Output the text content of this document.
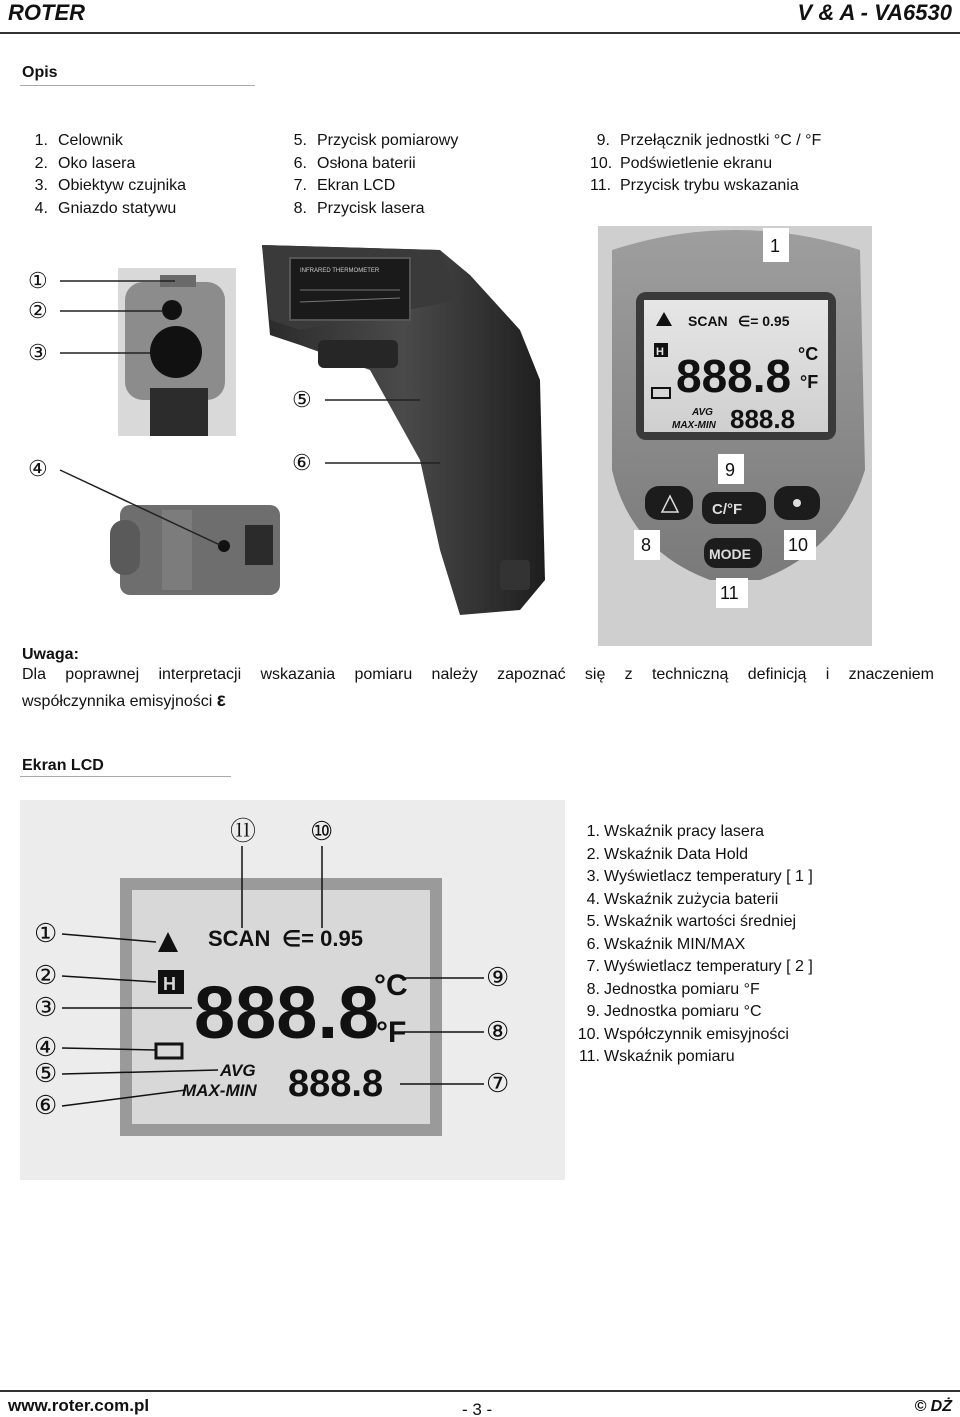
ROTER	V & A - VA6530
Opis
1. Celownik
2. Oko lasera
3. Obiektyw czujnika
4. Gniazdo statywu
5. Przycisk pomiarowy
6. Osłona baterii
7. Ekran LCD
8. Przycisk lasera
9. Przełącznik jednostki °C / °F
10. Podświetlenie ekranu
11. Przycisk trybu wskazania
INFRARED THERMOMETER
①
②
③
④
⑤
⑥
SCAN ∈= 0.95
H 888.8 °C
°F
AVG
MAX-MIN 888.8
C/°F
MODE
1
9
8	10
11
Uwaga:
Dla poprawnej interpretacji wskazania pomiaru należy zapoznać się z techniczną definicją i znaczeniem
współczynnika emisyjności ε
Ekran LCD
SCAN ∈= 0.95
H 888.8
°C
°F
AVG
MAX-MIN 888.8
⑪ ⑩
①
②
③
④
⑤
⑥
⑨
⑧
⑦
1. Wskaźnik pracy lasera
2. Wskaźnik Data Hold
3. Wyświetlacz temperatury [ 1 ]
4. Wskaźnik zużycia baterii
5. Wskaźnik wartości średniej
6. Wskaźnik MIN/MAX
7. Wyświetlacz temperatury [ 2 ]
8. Jednostka pomiaru °F
9. Jednostka pomiaru °C
10. Współczynnik emisyjności
11. Wskaźnik pomiaru
www.roter.com.pl	- 3 -	© DŻ
